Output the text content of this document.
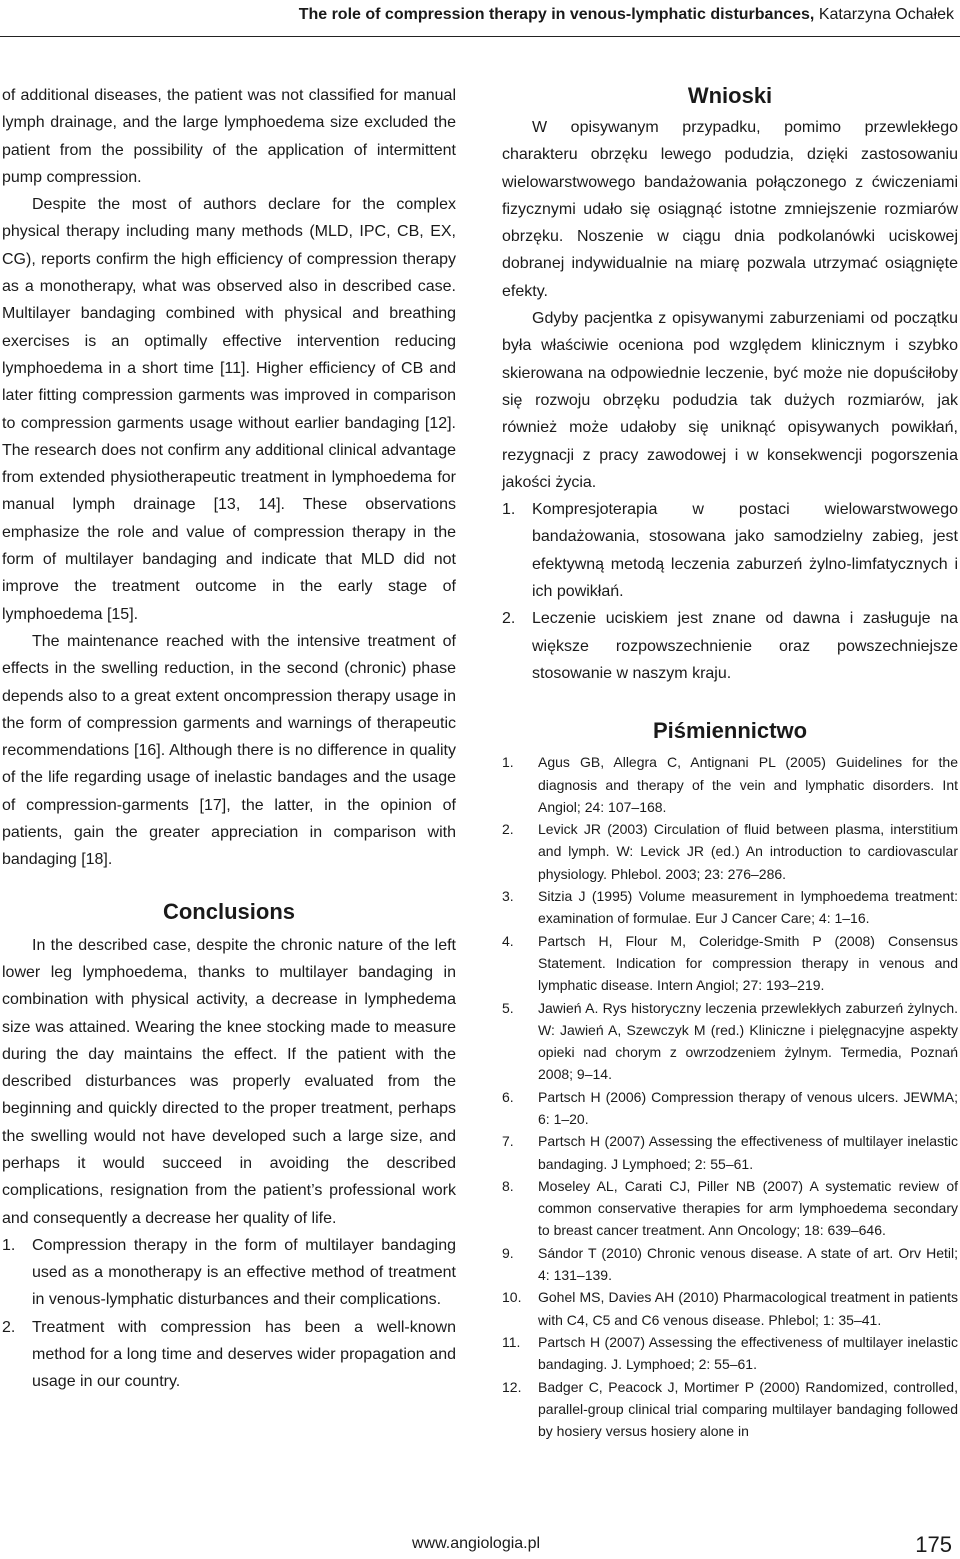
The role of compression therapy in venous-lymphatic disturbances, Katarzyna Ochałek

of additional diseases, the patient was not classified for manual lymph drainage, and the large lymphoedema size excluded the patient from the possibility of the application of intermittent pump compression.

Despite the most of authors declare for the complex physical therapy including many methods (MLD, IPC, CB, EX, CG), reports confirm the high efficiency of compression therapy as a monotherapy, what was observed also in described case. Multilayer bandaging combined with physical and breathing exercises is an optimally effective intervention reducing lymphoedema in a short time [11]. Higher efficiency of CB and later fitting compression garments was improved in comparison to compression garments usage without earlier bandaging [12]. The research does not confirm any additional clinical advantage from extended physiotherapeutic treatment in lymphoedema for manual lymph drainage [13, 14]. These observations emphasize the role and value of compression therapy in the form of multilayer bandaging and indicate that MLD did not improve the treatment outcome in the early stage of lymphoedema [15].

The maintenance reached with the intensive treatment of effects in the swelling reduction, in the second (chronic) phase depends also to a great extent oncompression therapy usage in the form of compression garments and warnings of therapeutic recommendations [16]. Although there is no difference in quality of the life regarding usage of inelastic bandages and the usage of compression-garments [17], the latter, in the opinion of patients, gain the greater appreciation in comparison with bandaging [18].

Conclusions

In the described case, despite the chronic nature of the left lower leg lymphoedema, thanks to multilayer bandaging in combination with physical activity, a decrease in lymphedema size was attained. Wearing the knee stocking made to measure during the day maintains the effect. If the patient with the described disturbances was properly evaluated from the beginning and quickly directed to the proper treatment, perhaps the swelling would not have developed such a large size, and perhaps it would succeed in avoiding the described complications, resignation from the patient’s professional work and consequently a decrease her quality of life.

1. Compression therapy in the form of multilayer bandaging used as a monotherapy is an effective method of treatment in venous-lymphatic disturbances and their complications.
2. Treatment with compression has been a well-known method for a long time and deserves wider propagation and usage in our country.
Wnioski

W opisywanym przypadku, pomimo przewlekłego charakteru obrzęku lewego podudzia, dzięki zastosowaniu wielowarstwowego bandażowania połączonego z ćwiczeniami fizycznymi udało się osiągnąć istotne zmniejszenie rozmiarów obrzęku. Noszenie w ciągu dnia podkolanówki uciskowej dobranej indywidualnie na miarę pozwala utrzymać osiągnięte efekty.

Gdyby pacjentka z opisywanymi zaburzeniami od początku była właściwie oceniona pod względem klinicznym i szybko skierowana na odpowiednie leczenie, być może nie dopuściłoby się rozwoju obrzęku podudzia tak dużych rozmiarów, jak również może udałoby się uniknąć opisywanych powikłań, rezygnacji z pracy zawodowej i w konsekwencji pogorszenia jakości życia.

1. Kompresjoterapia w postaci wielowarstwowego bandażowania, stosowana jako samodzielny zabieg, jest efektywną metodą leczenia zaburzeń żylno-limfatycznych i ich powikłań.
2. Leczenie uciskiem jest znane od dawna i zasługuje na większe rozpowszechnienie oraz powszechniejsze stosowanie w naszym kraju.
Piśmiennictwo
1. Agus GB, Allegra C, Antignani PL (2005) Guidelines for the diagnosis and therapy of the vein and lymphatic disorders. Int Angiol; 24: 107–168.
2. Levick JR (2003) Circulation of fluid between plasma, interstitium and lymph. W: Levick JR (ed.) An introduction to cardiovascular physiology. Phlebol. 2003; 23: 276–286.
3. Sitzia J (1995) Volume measurement in lymphoedema treatment: examination of formulae. Eur J Cancer Care; 4: 1–16.
4. Partsch H, Flour M, Coleridge-Smith P (2008) Consensus Statement. Indication for compression therapy in venous and lymphatic disease. Intern Angiol; 27: 193–219.
5. Jawień A. Rys historyczny leczenia przewlekłych zaburzeń żylnych. W: Jawień A, Szewczyk M (red.) Kliniczne i pielęgnacyjne aspekty opieki nad chorym z owrzodzeniem żylnym. Termedia, Poznań 2008; 9–14.
6. Partsch H (2006) Compression therapy of venous ulcers. JEWMA; 6: 1–20.
7. Partsch H (2007) Assessing the effectiveness of multilayer inelastic bandaging. J Lymphoed; 2: 55–61.
8. Moseley AL, Carati CJ, Piller NB (2007) A systematic review of common conservative therapies for arm lymphoedema secondary to breast cancer treatment. Ann Oncology; 18: 639–646.
9. Sándor T (2010) Chronic venous disease. A state of art. Orv Hetil; 4: 131–139.
10. Gohel MS, Davies AH (2010) Pharmacological treatment in patients with C4, C5 and C6 venous disease. Phlebol; 1: 35–41.
11. Partsch H (2007) Assessing the effectiveness of multilayer inelastic bandaging. J. Lymphoed; 2: 55–61.
12. Badger C, Peacock J, Mortimer P (2000) Randomized, controlled, parallel-group clinical trial comparing multilayer bandaging followed by hosiery versus hosiery alone in
www.angiologia.pl	175
